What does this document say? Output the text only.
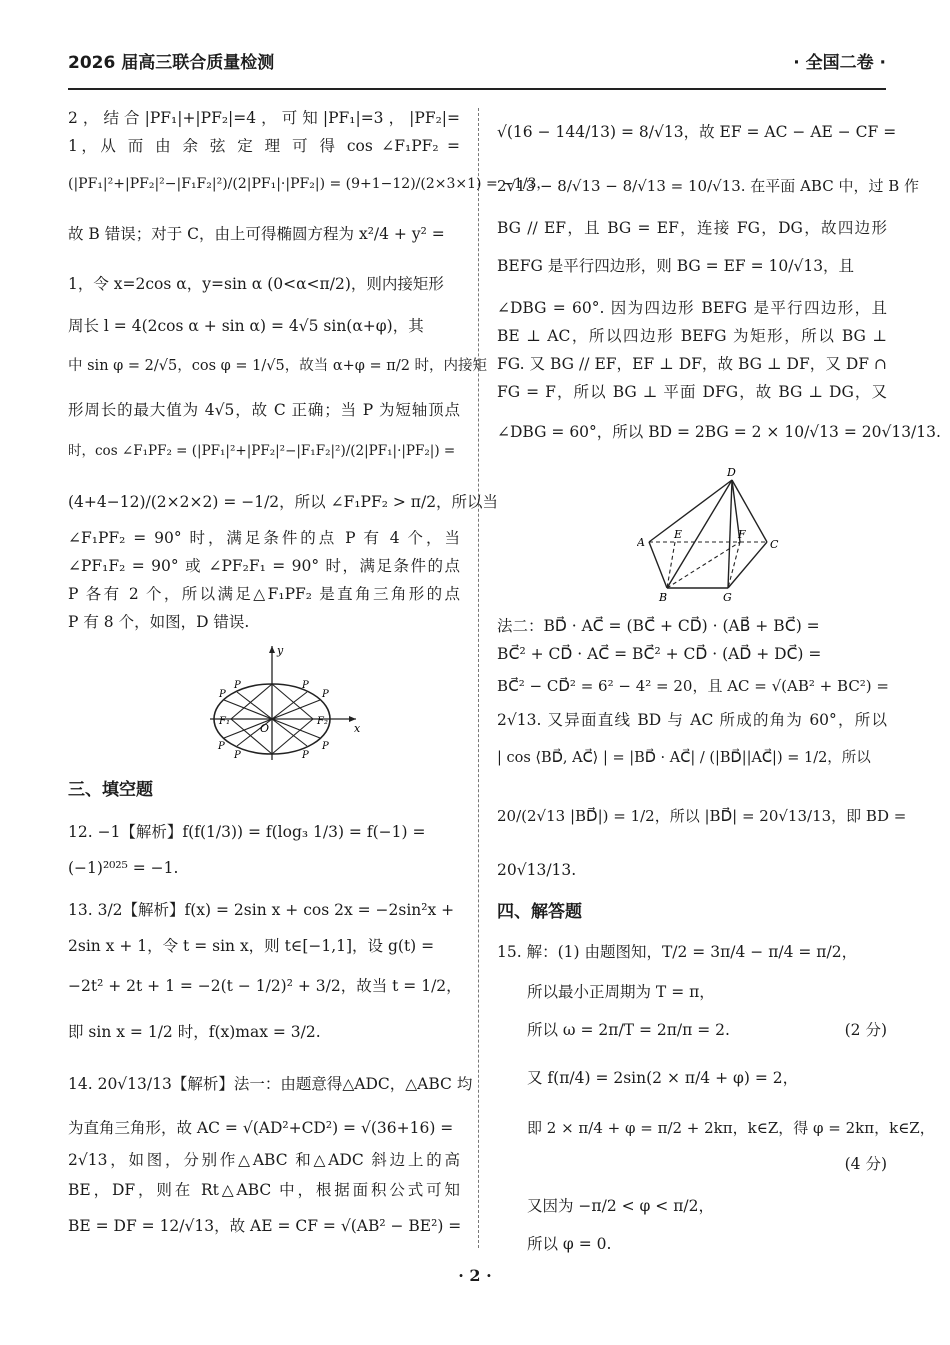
2026 届高三联合质量检测	· 全国二卷 ·
2，结合|PF₁|+|PF₂|=4，可知|PF₁|=3，|PF₂|=
1，从 而 由 余 弦 定 理 可 得 cos ∠F₁PF₂ =
(|PF₁|²+|PF₂|²−|F₁F₂|²)/(2|PF₁|·|PF₂|) = (9+1−12)/(2×3×1) = −1/3，
故 B 错误；对于 C，由上可得椭圆方程为 x²/4 + y² =
1，令 x=2cos α，y=sin α (0<α<π/2)，则内接矩形
周长 l = 4(2cos α + sin α) = 4√5 sin(α+φ)，其
中 sin φ = 2/√5，cos φ = 1/√5，故当 α+φ = π/2 时，内接矩
形周长的最大值为 4√5，故 C 正确；当 P 为短轴顶点
时，cos ∠F₁PF₂ = (|PF₁|²+|PF₂|²−|F₁F₂|²)/(2|PF₁|·|PF₂|) =
(4+4−12)/(2×2×2) = −1/2，所以 ∠F₁PF₂ > π/2，所以当
∠F₁PF₂ = 90° 时，满足条件的点 P 有 4 个，当
∠PF₁F₂ = 90° 或 ∠PF₂F₁ = 90° 时，满足条件的点
P 各有 2 个，所以满足△F₁PF₂ 是直角三角形的点
P 有 8 个，如图，D 错误.
y
x
O
F₁	F₂
P
P	P
P
P
P	P
P
三、填空题
12. −1【解析】f(f(1/3)) = f(log₃ 1/3) = f(−1) =
(−1)²⁰²⁵ = −1.
13. 3/2【解析】f(x) = 2sin x + cos 2x = −2sin²x +
2sin x + 1，令 t = sin x，则 t∈[−1,1]，设 g(t) =
−2t² + 2t + 1 = −2(t − 1/2)² + 3/2，故当 t = 1/2，
即 sin x = 1/2 时，f(x)max = 3/2.
14. 20√13/13【解析】法一：由题意得△ADC，△ABC 均
为直角三角形，故 AC = √(AD²+CD²) = √(36+16) =
2√13，如图，分别作△ABC 和△ADC 斜边上的高
BE，DF，则在 Rt△ABC 中，根据面积公式可知
BE = DF = 12/√13，故 AE = CF = √(AB² − BE²) =
√(16 − 144/13) = 8/√13，故 EF = AC − AE − CF =
2√13 − 8/√13 − 8/√13 = 10/√13. 在平面 ABC 中，过 B 作
BG // EF，且 BG = EF，连接 FG，DG，故四边形
BEFG 是平行四边形，则 BG = EF = 10/√13，且
∠DBG = 60°. 因为四边形 BEFG 是平行四边形，且
BE ⊥ AC，所以四边形 BEFG 为矩形，所以 BG ⊥
FG. 又 BG // EF，EF ⊥ DF，故 BG ⊥ DF，又 DF ∩
FG = F，所以 BG ⊥ 平面 DFG，故 BG ⊥ DG，又
∠DBG = 60°，所以 BD = 2BG = 2 × 10/√13 = 20√13/13.
D
A	C
E	F
B	G
法二：BD⃗ · AC⃗ = (BC⃗ + CD⃗) · (AB⃗ + BC⃗) =
BC⃗² + CD⃗ · AC⃗ = BC⃗² + CD⃗ · (AD⃗ + DC⃗) =
BC⃗² − CD⃗² = 6² − 4² = 20，且 AC = √(AB² + BC²) =
2√13. 又异面直线 BD 与 AC 所成的角为 60°，所以
| cos ⟨BD⃗, AC⃗⟩ | = |BD⃗ · AC⃗| / (|BD⃗||AC⃗|) = 1/2，所以
20/(2√13 |BD⃗|) = 1/2，所以 |BD⃗| = 20√13/13，即 BD =
20√13/13.
四、解答题
15. 解：(1) 由题图知，T/2 = 3π/4 − π/4 = π/2，
所以最小正周期为 T = π，
所以 ω = 2π/T = 2π/π = 2.	(2 分)
又 f(π/4) = 2sin(2 × π/4 + φ) = 2，
即 2 × π/4 + φ = π/2 + 2kπ，k∈Z，得 φ = 2kπ，k∈Z，
(4 分)
又因为 −π/2 < φ < π/2，
所以 φ = 0.
· 2 ·
